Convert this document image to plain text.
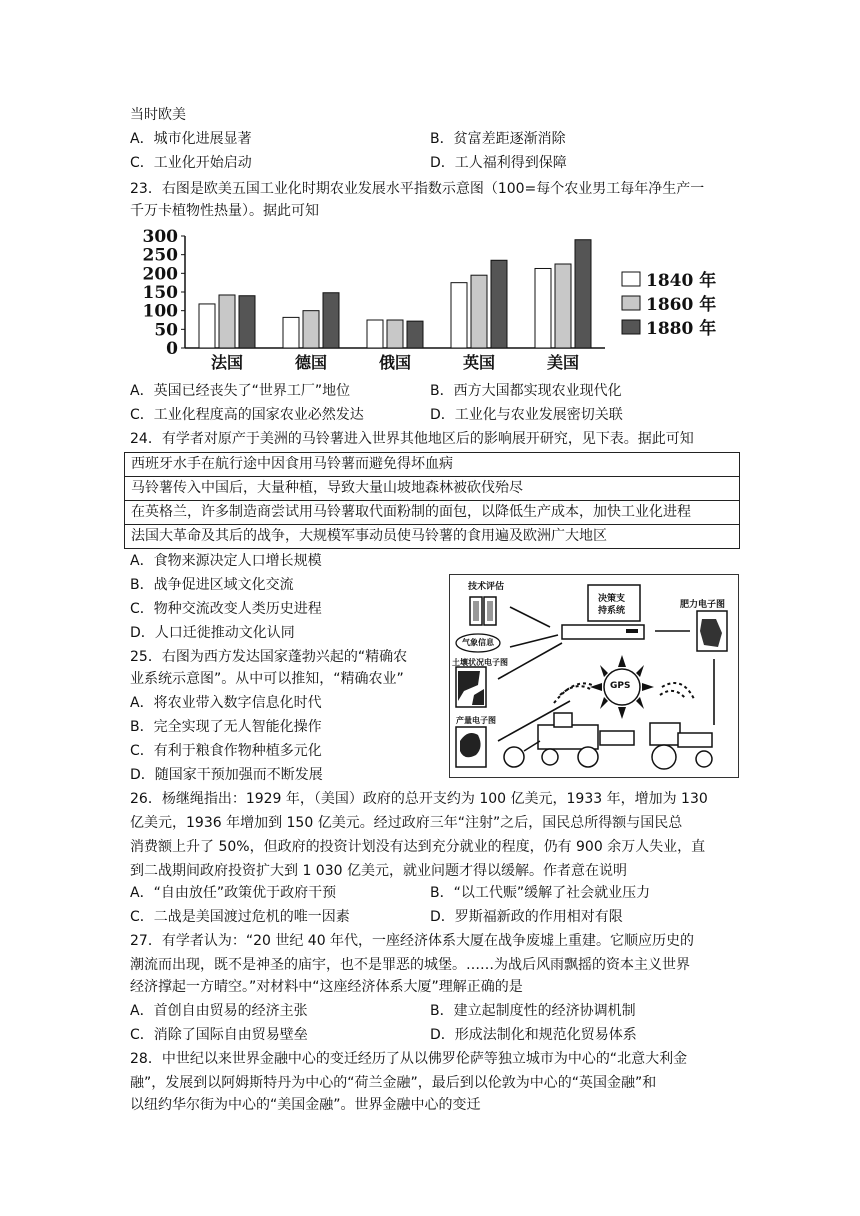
当时欧美
A．城市化进展显著	B．贫富差距逐渐消除
C．工业化开始启动	D．工人福利得到保障
23．右图是欧美五国工业化时期农业发展水平指数示意图（100=每个农业男工每年净生产一
千万卡植物性热量）。据此可知
0
50
100
150
200
250
300
法国	德国	俄国	英国	美国
1840 年
1860 年
1880 年
A．英国已经丧失了“世界工厂”地位	B．西方大国都实现农业现代化
C．工业化程度高的国家农业必然发达	D．工业化与农业发展密切关联
24．有学者对原产于美洲的马铃薯进入世界其他地区后的影响展开研究，见下表。据此可知
西班牙水手在航行途中因食用马铃薯而避免得坏血病
马铃薯传入中国后，大量种植，导致大量山坡地森林被砍伐殆尽
在英格兰，许多制造商尝试用马铃薯取代面粉制的面包，以降低生产成本，加快工业化进程
法国大革命及其后的战争，大规模军事动员使马铃薯的食用遍及欧洲广大地区
A．食物来源决定人口增长规模
B．战争促进区域文化交流
C．物种交流改变人类历史进程
D．人口迁徙推动文化认同
25．右图为西方发达国家蓬勃兴起的“精确农
业系统示意图”。从中可以推知，“精确农业”
A．将农业带入数字信息化时代
B．完全实现了无人智能化操作
C．有利于粮食作物种植多元化
D．随国家干预加强而不断发展
技术评估
决策支
持系统
肥力电子图
气象信息
土壤状况电子图
GPS
产量电子图
26．杨继绳指出：1929 年，（美国）政府的总开支约为 100 亿美元，1933 年，增加为 130
亿美元，1936 年增加到 150 亿美元。经过政府三年“注射”之后，国民总所得额与国民总
消费额上升了 50%，但政府的投资计划没有达到充分就业的程度，仍有 900 余万人失业，直
到二战期间政府投资扩大到 1 030 亿美元，就业问题才得以缓解。作者意在说明
A．“自由放任”政策优于政府干预	B．“以工代赈”缓解了社会就业压力
C．二战是美国渡过危机的唯一因素	D．罗斯福新政的作用相对有限
27．有学者认为：“20 世纪 40 年代，一座经济体系大厦在战争废墟上重建。它顺应历史的
潮流而出现，既不是神圣的庙宇，也不是罪恶的城堡。……为战后风雨飘摇的资本主义世界
经济撑起一方晴空。”对材料中“这座经济体系大厦”理解正确的是
A．首创自由贸易的经济主张	B．建立起制度性的经济协调机制
C．消除了国际自由贸易壁垒	D．形成法制化和规范化贸易体系
28．中世纪以来世界金融中心的变迁经历了从以佛罗伦萨等独立城市为中心的“北意大利金
融”，发展到以阿姆斯特丹为中心的“荷兰金融”，最后到以伦敦为中心的“英国金融”和
以纽约华尔街为中心的“美国金融”。世界金融中心的变迁
